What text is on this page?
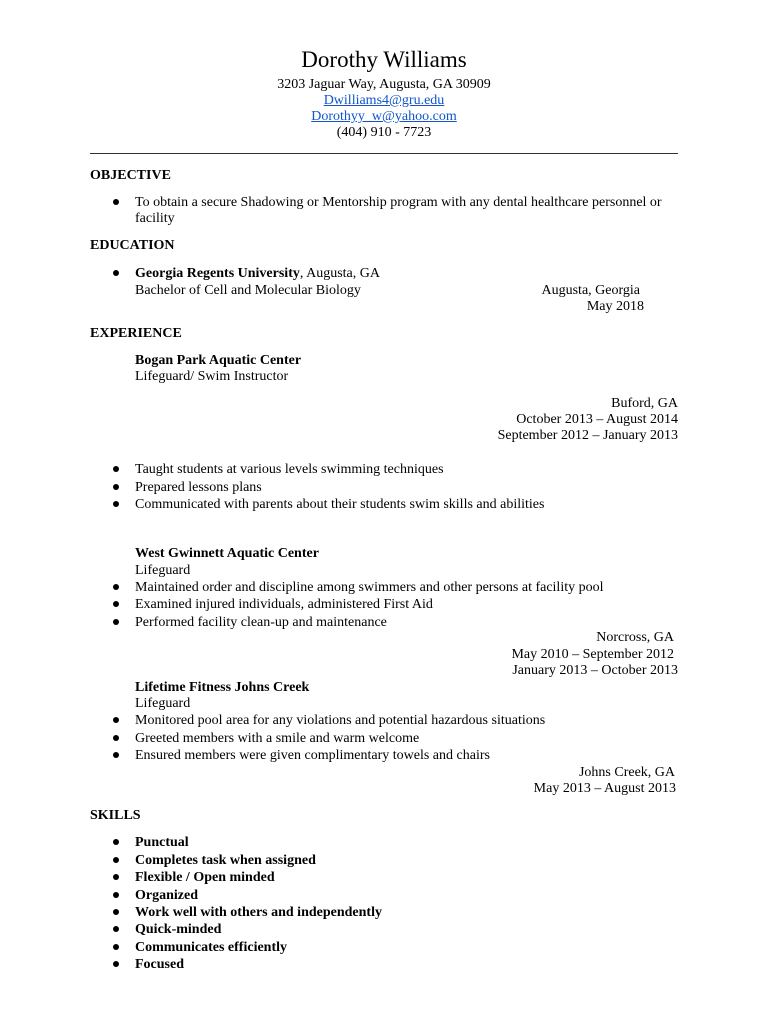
Dorothy Williams
3203 Jaguar Way, Augusta, GA 30909
Dwilliams4@gru.edu
Dorothyy_w@yahoo.com
(404) 910 - 7723
OBJECTIVE
To obtain a secure Shadowing or Mentorship program with any dental healthcare personnel or
facility
EDUCATION
Georgia Regents University, Augusta, GA
Bachelor of Cell and Molecular Biology	Augusta, Georgia
May 2018
EXPERIENCE
Bogan Park Aquatic Center
Lifeguard/ Swim Instructor
Buford, GA
October 2013 – August 2014
September 2012 – January 2013
Taught students at various levels swimming techniques
Prepared lessons plans
Communicated with parents about their students swim skills and abilities
West Gwinnett Aquatic Center
Lifeguard
Maintained order and discipline among swimmers and other persons at facility pool
Examined injured individuals, administered First Aid
Performed facility clean-up and maintenance
Norcross, GA
May 2010 – September 2012
January 2013 – October 2013
Lifetime Fitness Johns Creek
Lifeguard
Monitored pool area for any violations and potential hazardous situations
Greeted members with a smile and warm welcome
Ensured members were given complimentary towels and chairs
Johns Creek, GA
May 2013 – August 2013
SKILLS
Punctual
Completes task when assigned
Flexible / Open minded
Organized
Work well with others and independently
Quick-minded
Communicates efficiently
Focused
